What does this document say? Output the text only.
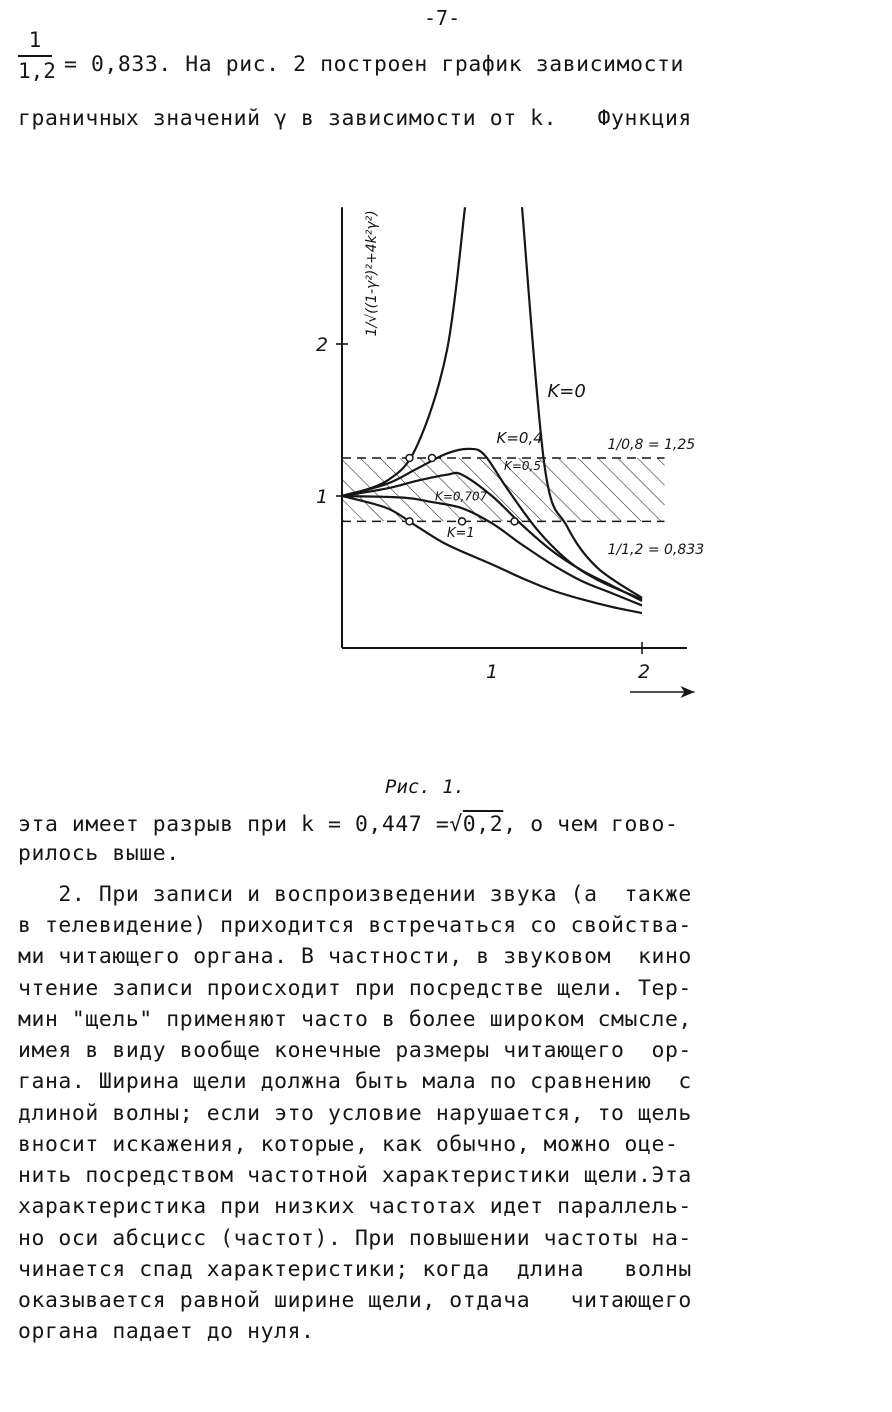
-7-
$\frac{1}{1,2} = 0,833$. На рис. 2 построен график зависимости
граничных значений γ в зависимости от k.   Функция
1
2
1	2
1/√((1-γ²)²+4k²γ²)
K=0
K=0,4
K=0,5
K=0,707
K=1
1/0,8 = 1,25
1/1,2 = 0,833
Рис. 1.
эта имеет разрыв при k = 0,447 =√0,2, о чем гово-
рилось выше.
2. При записи и воспроизведении звука (а  также
в телевидение) приходится встречаться со свойства-
ми читающего органа. В частности, в звуковом  кино
чтение записи происходит при посредстве щели. Тер-
мин "щель" применяют часто в более широком смысле,
имея в виду вообще конечные размеры читающего  ор-
гана. Ширина щели должна быть мала по сравнению  с
длиной волны; если это условие нарушается, то щель
вносит искажения, которые, как обычно, можно оце-
нить посредством частотной характеристики щели.Эта
характеристика при низких частотах идет параллель-
но оси абсцисс (частот). При повышении частоты на-
чинается спад характеристики; когда  длина   волны
оказывается равной ширине щели, отдача   читающего
органа падает до нуля.
